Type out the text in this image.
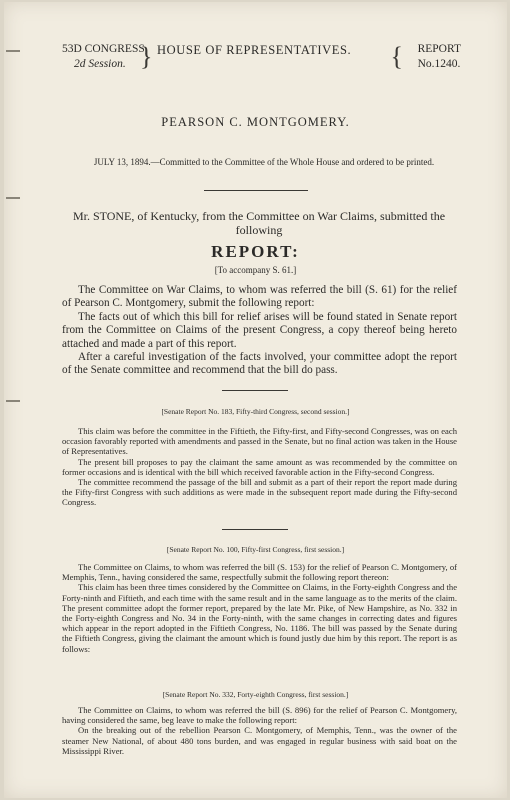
53D CONGRESS,
2d Session. } HOUSE OF REPRESENTATIVES. { REPORT
No.1240.
PEARSON C. MONTGOMERY.
JULY 13, 1894.—Committed to the Committee of the Whole House and ordered to be printed.
Mr. STONE, of Kentucky, from the Committee on War Claims, submitted the following
REPORT:
[To accompany S. 61.]

The Committee on War Claims, to whom was referred the bill (S. 61) for the relief of Pearson C. Montgomery, submit the following report:

The facts out of which this bill for relief arises will be found stated in Senate report from the Committee on Claims of the present Congress, a copy thereof being hereto attached and made a part of this report.

After a careful investigation of the facts involved, your committee adopt the report of the Senate committee and recommend that the bill do pass.

[Senate Report No. 183, Fifty-third Congress, second session.]

This claim was before the committee in the Fiftieth, the Fifty-first, and Fifty-second Congresses, was on each occasion favorably reported with amendments and passed in the Senate, but no final action was taken in the House of Representatives.

The present bill proposes to pay the claimant the same amount as was recommended by the committee on former occasions and is identical with the bill which received favorable action in the Fifty-second Congress.

The committee recommend the passage of the bill and submit as a part of their report the report made during the Fifty-first Congress with such additions as were made in the subsequent report made during the Fifty-second Congress.

[Senate Report No. 100, Fifty-first Congress, first session.]

The Committee on Claims, to whom was referred the bill (S. 153) for the relief of Pearson C. Montgomery, of Memphis, Tenn., having considered the same, respectfully submit the following report thereon:

This claim has been three times considered by the Committee on Claims, in the Forty-eighth Congress and the Forty-ninth and Fiftieth, and each time with the same result and in the same language as to the merits of the claim. The present committee adopt the former report, prepared by the late Mr. Pike, of New Hampshire, as No. 332 in the Forty-eighth Congress and No. 34 in the Forty-ninth, with the same changes in correcting dates and figures which appear in the report adopted in the Fiftieth Congress, No. 1186. The bill was passed by the Senate during the Fiftieth Congress, giving the claimant the amount which is found justly due him by this report. The report is as follows:

[Senate Report No. 332, Forty-eighth Congress, first session.]

The Committee on Claims, to whom was referred the bill (S. 896) for the relief of Pearson C. Montgomery, having considered the same, beg leave to make the following report:

On the breaking out of the rebellion Pearson C. Montgomery, of Memphis, Tenn., was the owner of the steamer New National, of about 480 tons burden, and was engaged in regular business with said boat on the Mississippi River.
